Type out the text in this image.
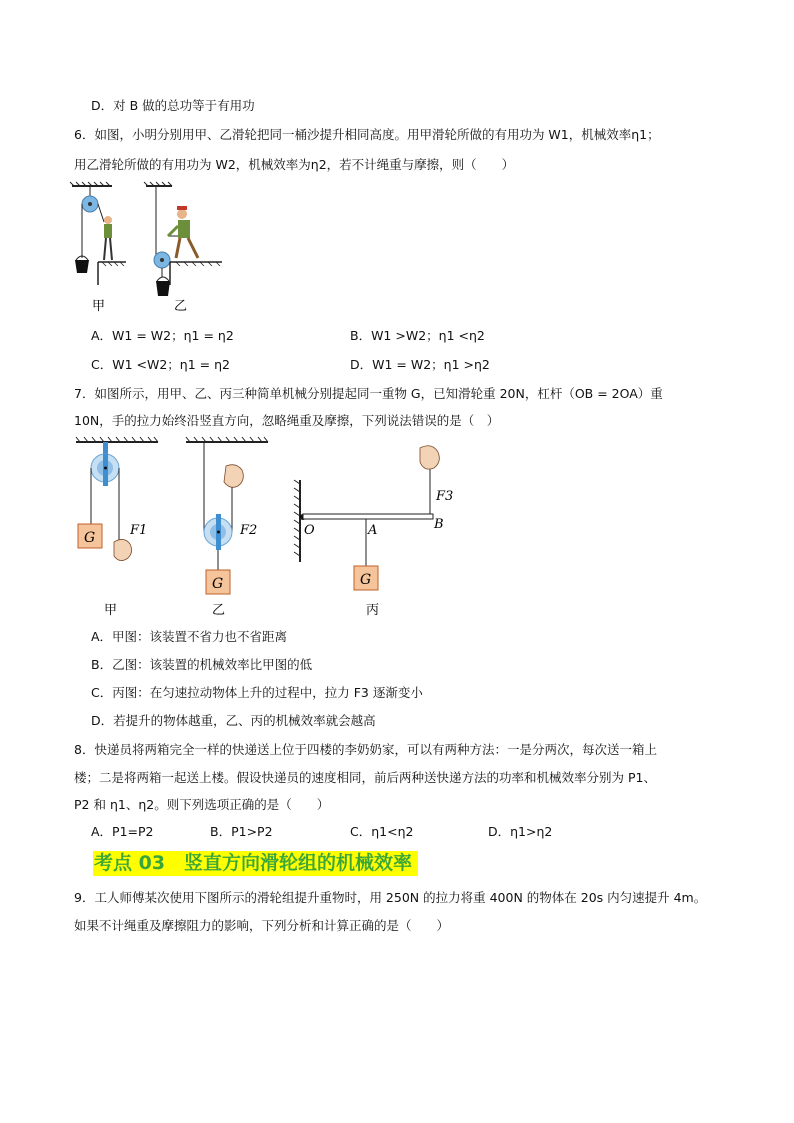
D．对 B 做的总功等于有用功
6．如图，小明分别用甲、乙滑轮把同一桶沙提升相同高度。用甲滑轮所做的有用功为 W1，机械效率η1；
用乙滑轮所做的有用功为 W2，机械效率为η2，若不计绳重与摩擦，则（　　）
甲	乙
A．W1 = W2；η1 = η2	B．W1 >W2；η1 <η2
C．W1 <W2；η1 = η2	D．W1 = W2；η1 >η2
7．如图所示，用甲、乙、丙三种简单机械分别提起同一重物 G，已知滑轮重 20N，杠杆（OB = 2OA）重
10N，手的拉力始终沿竖直方向，忽略绳重及摩擦，下列说法错误的是（　）
G	F1
甲
G
F2
乙
G
O	A	B
F3
丙
A．甲图：该装置不省力也不省距离
B．乙图：该装置的机械效率比甲图的低
C．丙图：在匀速拉动物体上升的过程中，拉力 F3 逐渐变小
D．若提升的物体越重，乙、丙的机械效率就会越高
8．快递员将两箱完全一样的快递送上位于四楼的李奶奶家，可以有两种方法：一是分两次，每次送一箱上
楼；二是将两箱一起送上楼。假设快递员的速度相同，前后两种送快递方法的功率和机械效率分别为 P1、
P2 和 η1、η2。则下列选项正确的是（　　）
A．P1=P2	B．P1>P2	C．η1<η2	D．η1>η2
考点 03　竖直方向滑轮组的机械效率
9．工人师傅某次使用下图所示的滑轮组提升重物时，用 250N 的拉力将重 400N 的物体在 20s 内匀速提升 4m。
如果不计绳重及摩擦阻力的影响，下列分析和计算正确的是（　　）
